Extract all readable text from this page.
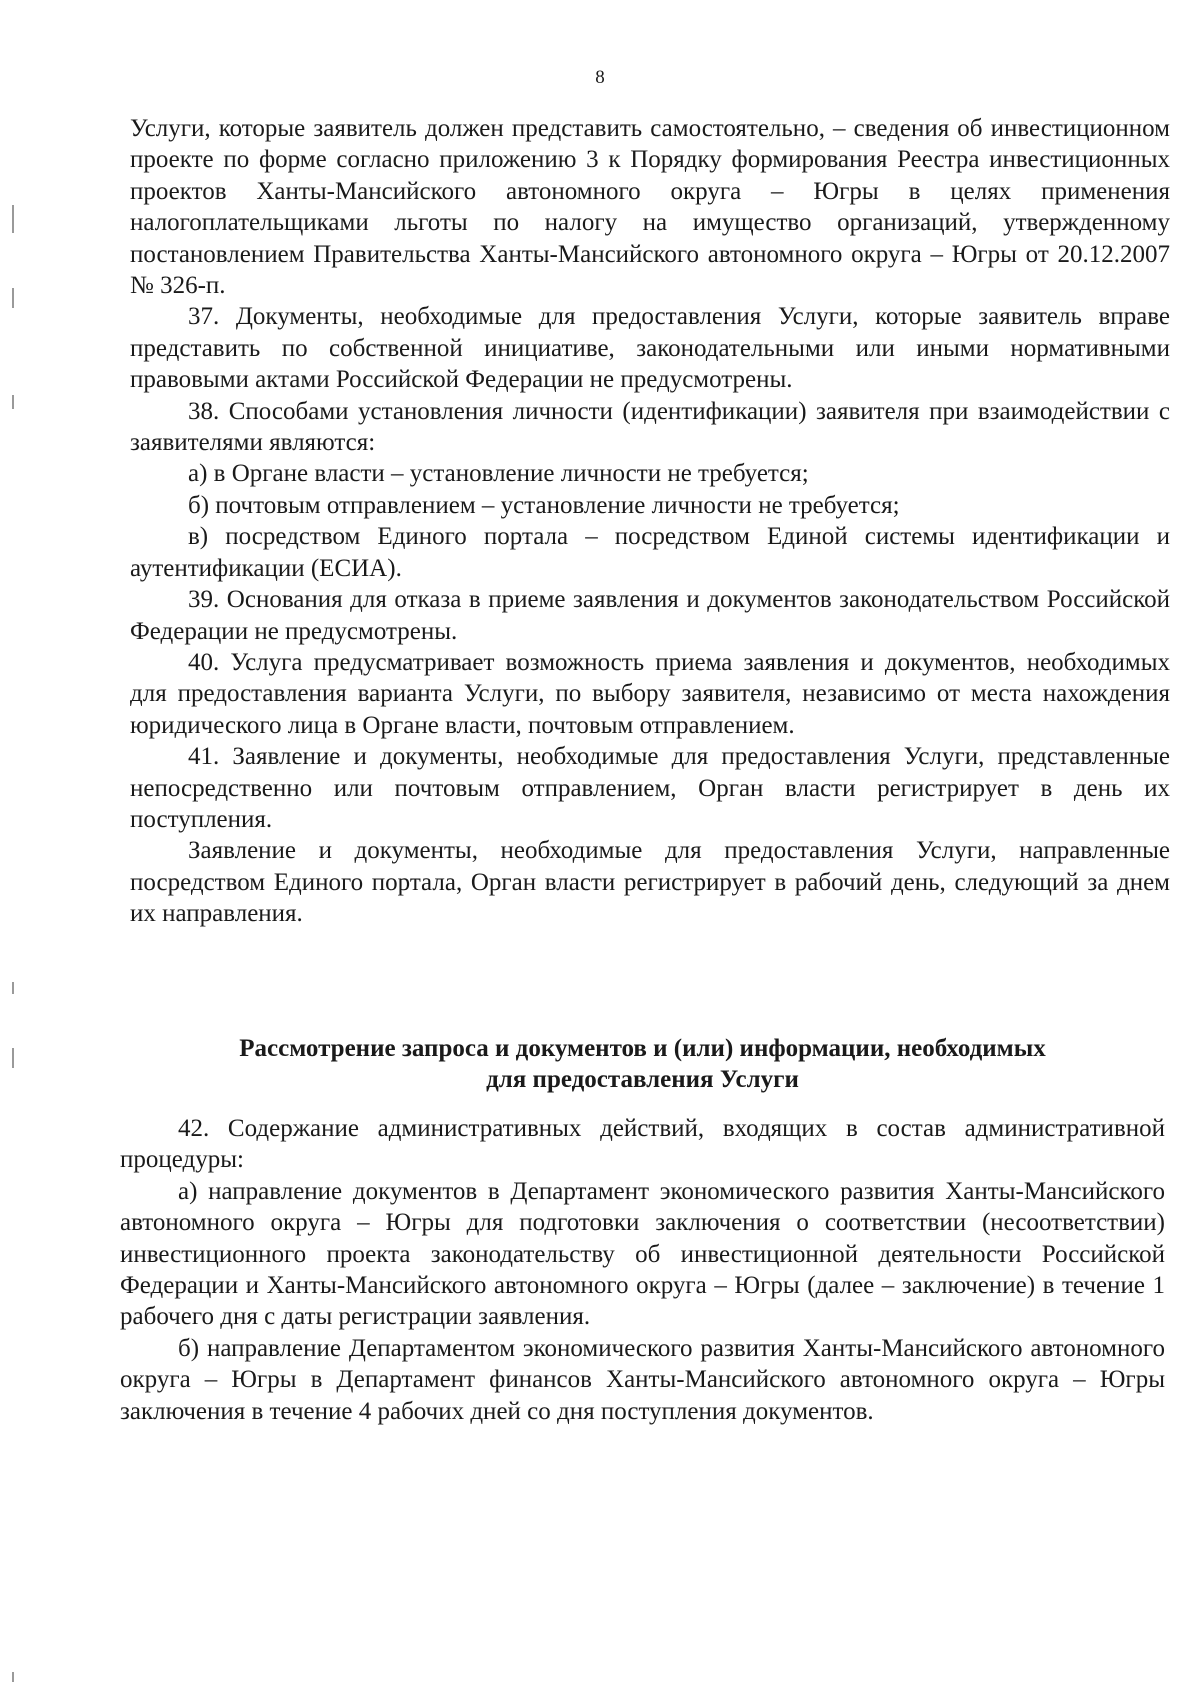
8

Услуги, которые заявитель должен представить самостоятельно, – сведения об инвестиционном проекте по форме согласно приложению 3 к Порядку формирования Реестра инвестиционных проектов Ханты-Мансийского автономного округа – Югры в целях применения налогоплательщиками льготы по налогу на имущество организаций, утвержденному постановлением Правительства Ханты-Мансийского автономного округа – Югры от 20.12.2007 № 326-п.

37. Документы, необходимые для предоставления Услуги, которые заявитель вправе представить по собственной инициативе, законодательными или иными нормативными правовыми актами Российской Федерации не предусмотрены.

38. Способами установления личности (идентификации) заявителя при взаимодействии с заявителями являются:

а) в Органе власти – установление личности не требуется;

б) почтовым отправлением – установление личности не требуется;

в) посредством Единого портала – посредством Единой системы идентификации и аутентификации (ЕСИА).

39. Основания для отказа в приеме заявления и документов законодательством Российской Федерации не предусмотрены.

40. Услуга предусматривает возможность приема заявления и документов, необходимых для предоставления варианта Услуги, по выбору заявителя, независимо от места нахождения юридического лица в Органе власти, почтовым отправлением.

41. Заявление и документы, необходимые для предоставления Услуги, представленные непосредственно или почтовым отправлением, Орган власти регистрирует в день их поступления.

Заявление и документы, необходимые для предоставления Услуги, направленные посредством Единого портала, Орган власти регистрирует в рабочий день, следующий за днем их направления.

Рассмотрение запроса и документов и (или) информации, необходимых
для предоставления Услуги

42. Содержание административных действий, входящих в состав административной процедуры:

а) направление документов в Департамент экономического развития Ханты-Мансийского автономного округа – Югры для подготовки заключения о соответствии (несоответствии) инвестиционного проекта законодательству об инвестиционной деятельности Российской Федерации и Ханты-Мансийского автономного округа – Югры (далее – заключение) в течение 1 рабочего дня с даты регистрации заявления.

б) направление Департаментом экономического развития Ханты-Мансийского автономного округа – Югры в Департамент финансов Ханты-Мансийского автономного округа – Югры заключения в течение 4 рабочих дней со дня поступления документов.
